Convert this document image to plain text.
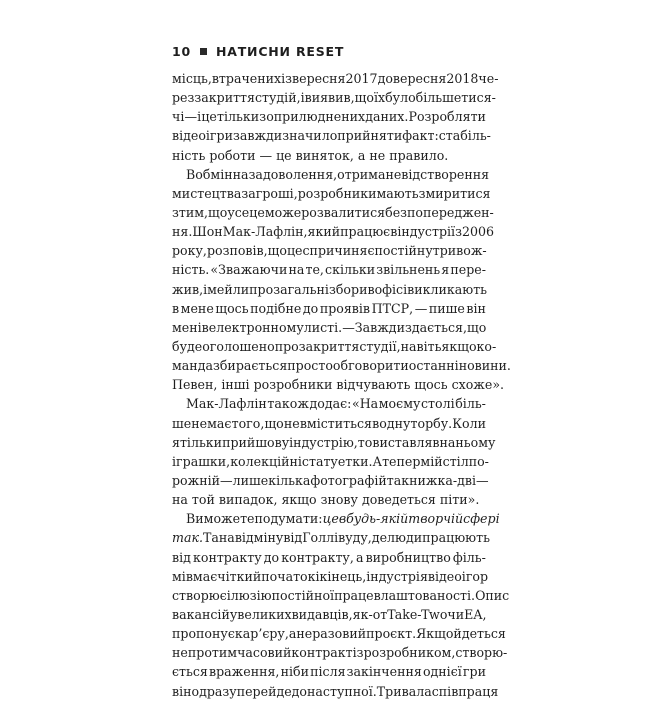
10 НАТИСНИ RESET
місць, втрачених із вересня 2017 до вересня 2018 че-
рез закриття студій, і виявив, що їх було більше тися-
чі — і це тільки з оприлюднених даних. Розробляти
відеоігри завжди значило прийняти факт: стабіль-
ність роботи — це виняток, а не правило.
В обмін на задоволення, отримане від створення
мистецтва за гроші, розробники мають змиритися
з тим, що усе це може розвалитися без попереджен-
ня. Шон Мак-Лафлін, який працює в індустрії з 2006
року, розповів, що це спричиняє постійну тривож-
ність. «Зважаючи на те, скільки звільнень я пере-
жив, імейли про загальні збори в офісі викликають
в мене щось подібне до проявів ПТСР, — пише він
мені в електронному листі. — Завжди здається, що
буде оголошено про закриття студії, навіть якщо ко-
манда збирається просто обговорити останні новини.
Певен, інші розробники відчувають щось схоже».
Мак-Лафлін також додає: «На моєму столі біль-
ше немає того, що не вміститься в одну торбу. Коли
я тільки прийшов у індустрію, то виставляв на ньому
іграшки, колекційні статуетки. А тепер мій стіл по-
рожній — лише кілька фотографій та книжка-дві —
на той випадок, якщо знову доведеться піти».
Ви можете подумати: це в будь-якій творчій сфері
так. Та на відміну від Голлівуду, де люди працюють
від контракту до контракту, а виробництво філь-
мів має чіткий початок і кінець, індустрія відеоігор
створює ілюзію постійної працевлаштованості. Опис
вакансій у великих видавців, як-от Take-Two чи EA,
пропонує кар’єру, а не разовий проєкт. Якщо йдеться
не про тимчасовий контракт із розробником, створю-
ється враження, ніби після закінчення однієї гри
він одразу перейде до наступної. Тривала співпраця
